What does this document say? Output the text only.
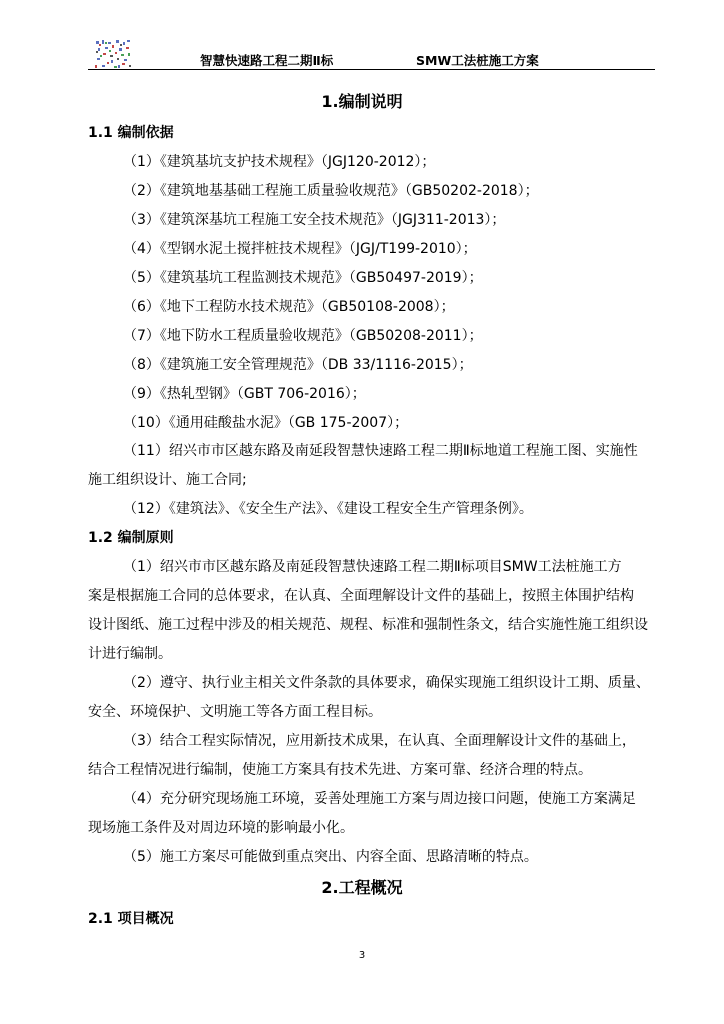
智慧快速路工程二期Ⅱ标	SMW工法桩施工方案
1.编制说明
1.1 编制依据
（1）《建筑基坑支护技术规程》（JGJ120-2012）；
（2）《建筑地基基础工程施工质量验收规范》（GB50202-2018）；
（3）《建筑深基坑工程施工安全技术规范》（JGJ311-2013）；
（4）《型钢水泥土搅拌桩技术规程》（JGJ/T199-2010）；
（5）《建筑基坑工程监测技术规范》（GB50497-2019）；
（6）《地下工程防水技术规范》（GB50108-2008）；
（7）《地下防水工程质量验收规范》（GB50208-2011）；
（8）《建筑施工安全管理规范》（DB 33/1116-2015）；
（9）《热轧型钢》（GBT 706-2016）；
（10）《通用硅酸盐水泥》（GB 175-2007）；
（11）绍兴市市区越东路及南延段智慧快速路工程二期Ⅱ标地道工程施工图、实施性
施工组织设计、施工合同;
（12）《建筑法》、《安全生产法》、《建设工程安全生产管理条例》。
1.2 编制原则
（1）绍兴市市区越东路及南延段智慧快速路工程二期Ⅱ标项目SMW工法桩施工方
案是根据施工合同的总体要求，在认真、全面理解设计文件的基础上，按照主体围护结构
设计图纸、施工过程中涉及的相关规范、规程、标准和强制性条文，结合实施性施工组织设
计进行编制。
（2）遵守、执行业主相关文件条款的具体要求，确保实现施工组织设计工期、质量、
安全、环境保护、文明施工等各方面工程目标。
（3）结合工程实际情况，应用新技术成果，在认真、全面理解设计文件的基础上，
结合工程情况进行编制，使施工方案具有技术先进、方案可靠、经济合理的特点。
（4）充分研究现场施工环境，妥善处理施工方案与周边接口问题，使施工方案满足
现场施工条件及对周边环境的影响最小化。
（5）施工方案尽可能做到重点突出、内容全面、思路清晰的特点。
2.工程概况
2.1 项目概况
3
